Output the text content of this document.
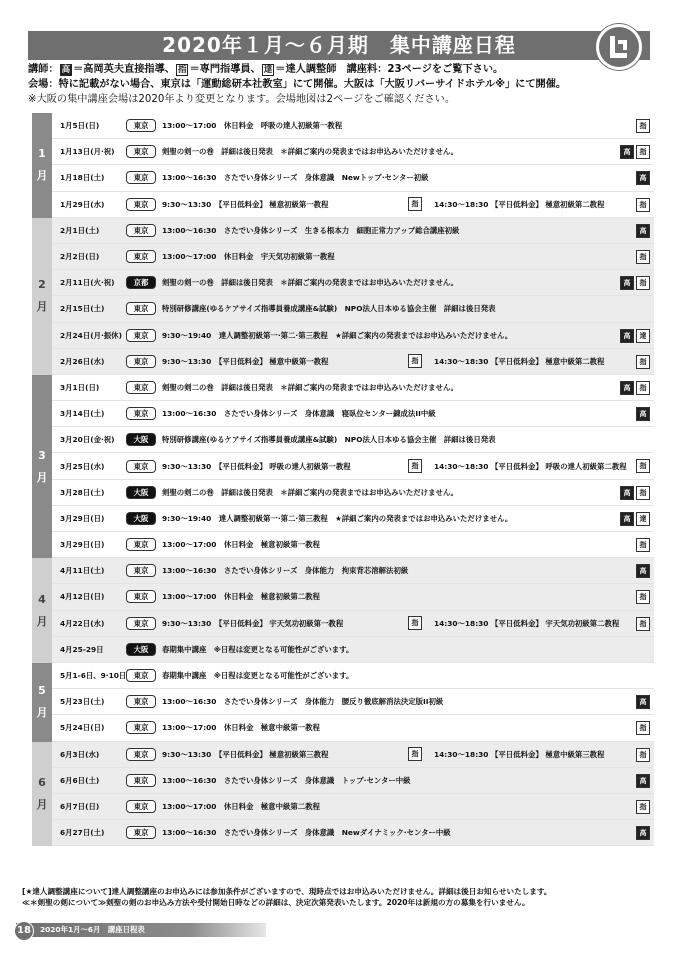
2020年１月〜６月期　集中講座日程
講師： 高 ＝高岡英夫直接指導、 指 ＝専門指導員、 達 ＝達人調整師　講座料：23ページをご覧下さい。
会場：特に記載がない場合、東京は「運動総研本社教室」にて開催。大阪は「大阪リバーサイドホテル※」にて開催。
※大阪の集中講座会場は2020年より変更となります。会場地図は2ページをご確認ください。
1
月
1月5日(日)	東京	13:00〜17:00　休日料金　呼吸の達人初級第一教程	指
1月13日(月·祝)	東京	剣聖の剣一の巻　詳細は後日発表　＊詳細ご案内の発表まではお申込みいただけません。	高	指
1月18日(土)	東京	13:00〜16:30　さたでい身体シリーズ　身体意識　Newトップ·センター初級	高
1月29日(水)	東京	9:30〜13:30　【平日低料金】 極意初級第一教程	指	14:30〜18:30 【平日低料金】 極意初級第二教程	指
2
月
2月1日(土)	東京	13:00〜16:30　さたでい身体シリーズ　生きる根本力　細胞正常力アップ総合講座初級	高
2月2日(日)	東京	13:00〜17:00　休日料金　宇天気功初級第一教程	指
2月11日(火·祝)	京都	剣聖の剣一の巻　詳細は後日発表　＊詳細ご案内の発表まではお申込みいただけません。	高	指
2月15日(土)	東京	特別研修講座(ゆるケアサイズ指導員養成講座&試験)　NPO法人日本ゆる協会主催　詳細は後日発表
2月24日(月·振休)	東京	9:30〜19:40　達人調整初級第一·第二·第三教程　★詳細ご案内の発表まではお申込みいただけません。	高	達
2月26日(水)	東京	9:30〜13:30　【平日低料金】 極意中級第一教程	指	14:30〜18:30 【平日低料金】 極意中級第二教程	指
3
月
3月1日(日)	東京	剣聖の剣二の巻　詳細は後日発表　＊詳細ご案内の発表まではお申込みいただけません。	高	指
3月14日(土)	東京	13:00〜16:30　さたでい身体シリーズ　身体意識　寝臥位センター錬成法II中級	高
3月20日(金·祝)	大阪	特別研修講座(ゆるケアサイズ指導員養成講座&試験)　NPO法人日本ゆる協会主催　詳細は後日発表
3月25日(水)	東京	9:30〜13:30　【平日低料金】 呼吸の達人初級第一教程	指	14:30〜18:30 【平日低料金】 呼吸の達人初級第二教程	指
3月28日(土)	大阪	剣聖の剣二の巻　詳細は後日発表　＊詳細ご案内の発表まではお申込みいただけません。	高	指
3月29日(日)	大阪	9:30〜19:40　達人調整初級第一·第二·第三教程　★詳細ご案内の発表まではお申込みいただけません。	高	達
3月29日(日)	東京	13:00〜17:00　休日料金　極意初級第一教程	指
4
月
4月11日(土)	東京	13:00〜16:30　さたでい身体シリーズ　身体能力　拘束背芯溶解法初級	高
4月12日(日)	東京	13:00〜17:00　休日料金　極意初級第二教程	指
4月22日(水)	東京	9:30〜13:30　【平日低料金】 宇天気功初級第一教程	指	14:30〜18:30 【平日低料金】 宇天気功初級第二教程	指
4月25-29日	大阪	春期集中講座　※日程は変更となる可能性がございます。
5
月
5月1-6日、9·10日 東京	春期集中講座　※日程は変更となる可能性がございます。
5月23日(土)	東京	13:00〜16:30　さたでい身体シリーズ　身体能力　腰反り徹底解消法決定版II初級	高
5月24日(日)	東京	13:00〜17:00　休日料金　極意中級第一教程	指
6
月
6月3日(水)	東京	9:30〜13:30　【平日低料金】 極意初級第三教程	指	14:30〜18:30 【平日低料金】 極意中級第三教程	指
6月6日(土)	東京	13:00〜16:30　さたでい身体シリーズ　身体意識　トップ·センター中級	高
6月7日(日)	東京	13:00〜17:00　休日料金　極意中級第二教程	指
6月27日(土)	東京	13:00〜16:30　さたでい身体シリーズ　身体意識　Newダイナミック·センター中級	高
[★達人調整講座について]達人調整講座のお申込みには参加条件がございますので、現時点ではお申込みいただけません。詳細は後日お知らせいたします。
≪＊剣聖の剣について≫剣聖の剣のお申込み方法や受付開始日時などの詳細は、決定次第発表いたします。2020年は新規の方の募集を行いません。
18	2020年1月〜6月　講座日程表
